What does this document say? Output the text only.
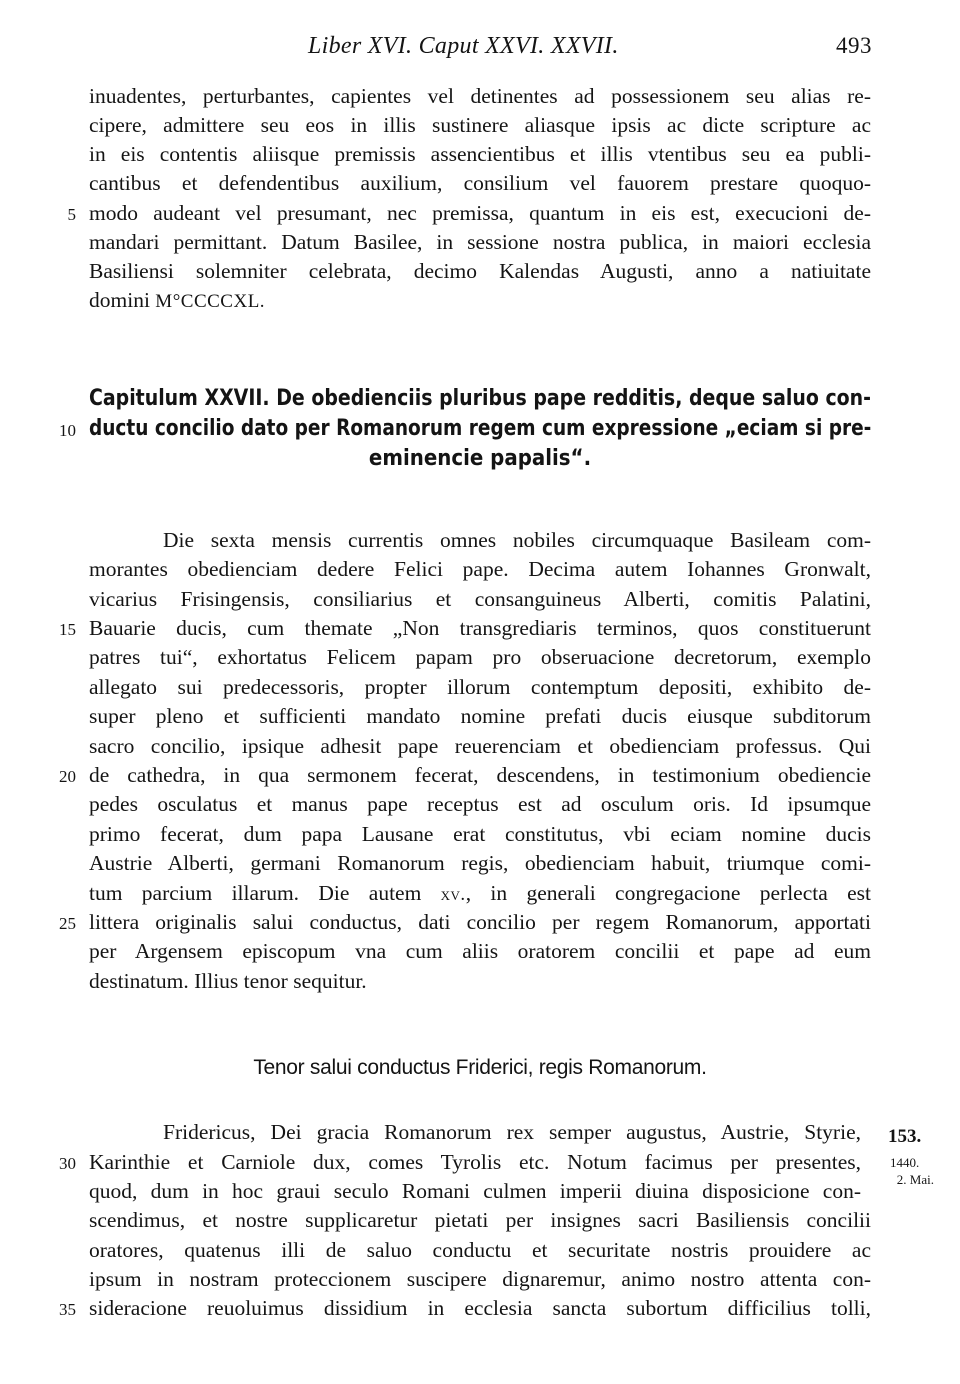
Liber XVI. Caput XXVI. XXVII.	493
inuadentes, perturbantes, capientes vel detinentes ad possessionem seu alias re-
cipere, admittere seu eos in illis sustinere aliasque ipsis ac dicte scripture ac
in eis contentis aliisque premissis assencientibus et illis vtentibus seu ea publi-
cantibus et defendentibus auxilium, consilium vel fauorem prestare quoquo-
modo audeant vel presumant, nec premissa, quantum in eis est, execucioni de-
mandari permittant. Datum Basilee, in sessione nostra publica, in maiori ecclesia
Basiliensi solemniter celebrata, decimo Kalendas Augusti, anno a natiuitate
domini M°CCCCXL.
Capitulum XXVII. De obedienciis pluribus pape redditis, deque saluo con-
ductu concilio dato per Romanorum regem cum expressione „eciam si pre-
eminencie papalis“.
Die sexta mensis currentis omnes nobiles circumquaque Basileam com-
morantes obedienciam dedere Felici pape. Decima autem Iohannes Gronwalt,
vicarius Frisingensis, consiliarius et consanguineus Alberti, comitis Palatini,
Bauarie ducis, cum themate „Non transgrediaris terminos, quos constituerunt
patres tui“, exhortatus Felicem papam pro obseruacione decretorum, exemplo
allegato sui predecessoris, propter illorum contemptum depositi, exhibito de-
super pleno et sufficienti mandato nomine prefati ducis eiusque subditorum
sacro concilio, ipsique adhesit pape reuerenciam et obedienciam professus. Qui
de cathedra, in qua sermonem fecerat, descendens, in testimonium obediencie
pedes osculatus et manus pape receptus est ad osculum oris. Id ipsumque
primo fecerat, dum papa Lausane erat constitutus, vbi eciam nomine ducis
Austrie Alberti, germani Romanorum regis, obedienciam habuit, triumque comi-
tum parcium illarum. Die autem xv., in generali congregacione perlecta est
littera originalis salui conductus, dati concilio per regem Romanorum, apportati
per Argensem episcopum vna cum aliis oratorem concilii et pape ad eum
destinatum. Illius tenor sequitur.
Tenor salui conductus Friderici, regis Romanorum.
Fridericus, Dei gracia Romanorum rex semper augustus, Austrie, Styrie,
Karinthie et Carniole dux, comes Tyrolis etc. Notum facimus per presentes,
quod, dum in hoc graui seculo Romani culmen imperii diuina disposicione con-
scendimus, et nostre supplicaretur pietati per insignes sacri Basiliensis concilii
oratores, quatenus illi de saluo conductu et securitate nostris prouidere ac
ipsum in nostram proteccionem suscipere dignaremur, animo nostro attenta con-
sideracione reuoluimus dissidium in ecclesia sancta subortum difficilius tolli,
5
10
15
20
25
30
35
153.
1440.
2. Mai.
